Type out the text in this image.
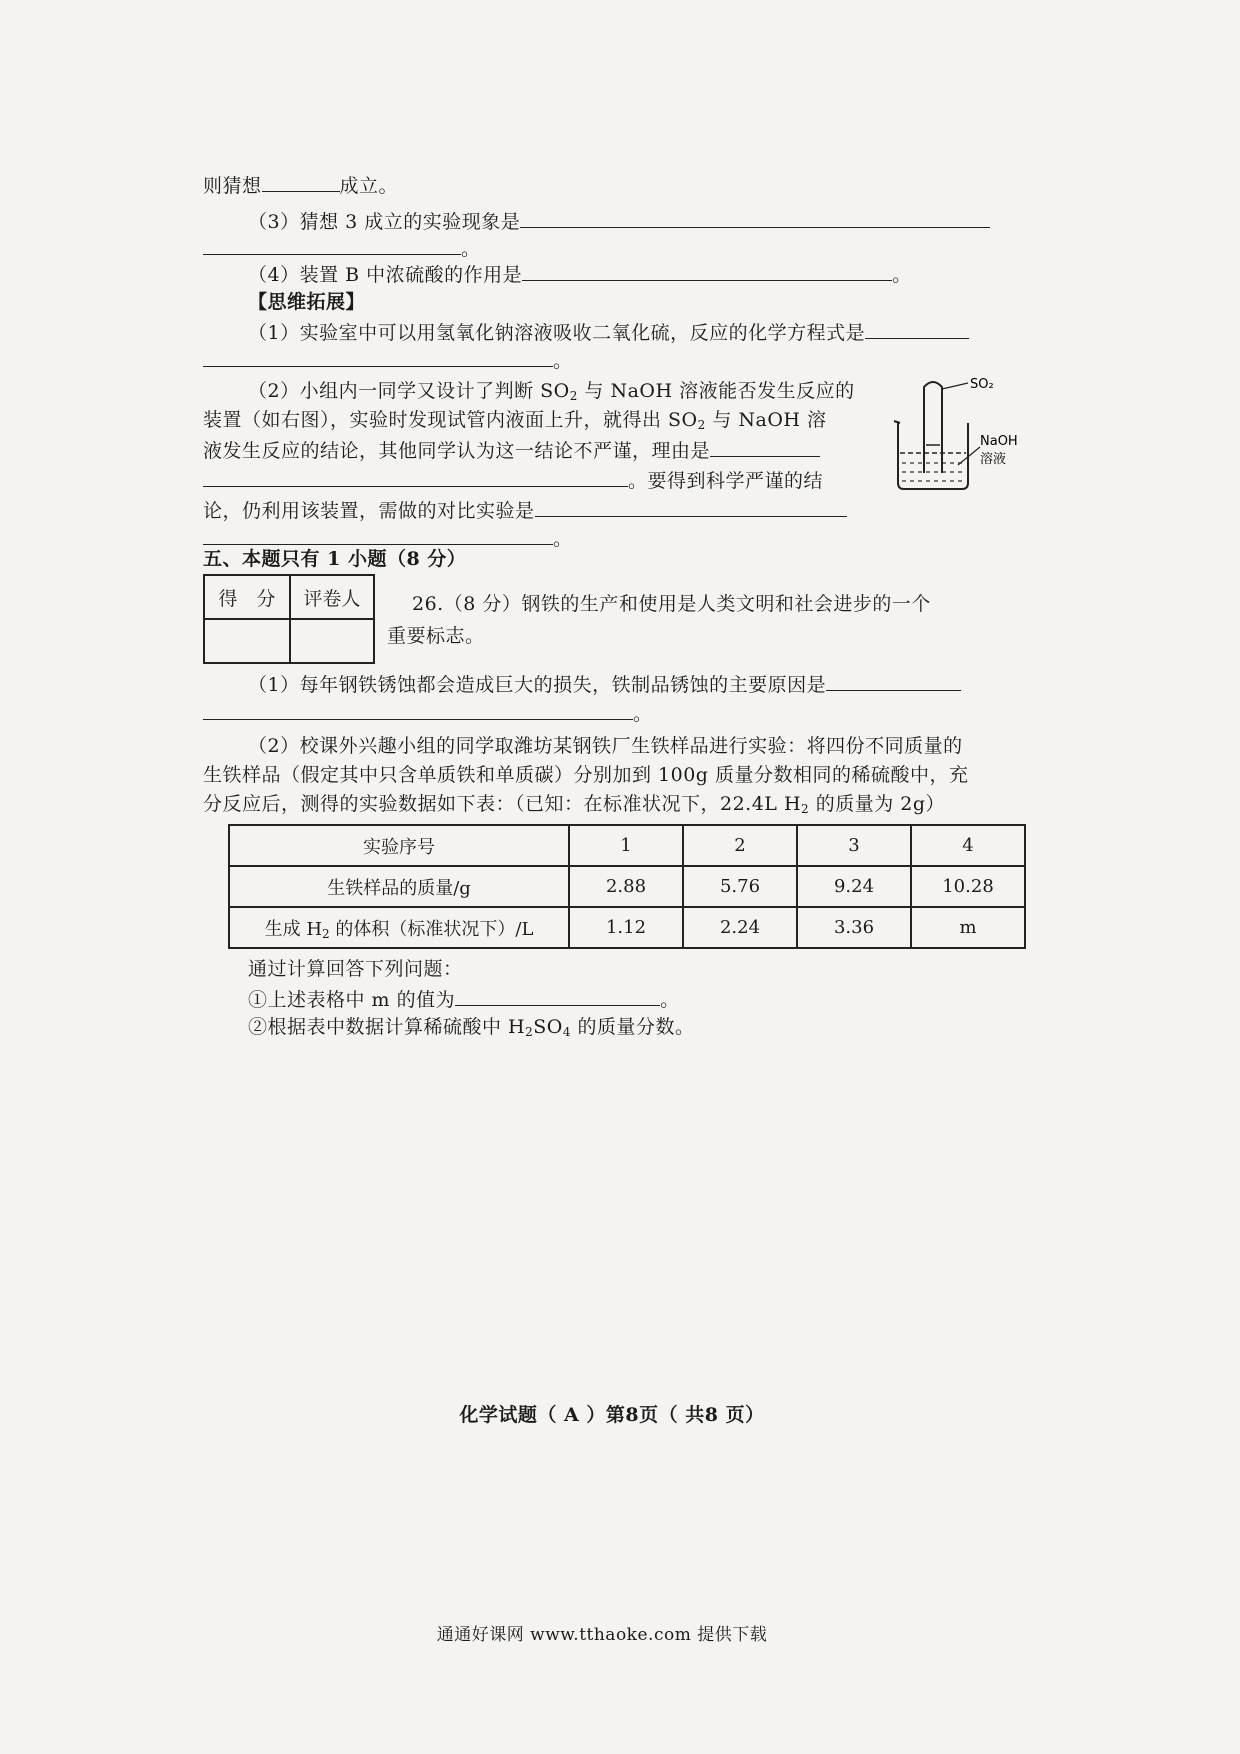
则猜想	成立。
（3）猜想 3 成立的实验现象是
。
（4）装置 B 中浓硫酸的作用是	。
【思维拓展】
（1）实验室中可以用氢氧化钠溶液吸收二氧化硫，反应的化学方程式是
。
（2）小组内一同学又设计了判断 $SO_2$ 与 NaOH 溶液能否发生反应的
装置（如右图），实验时发现试管内液面上升，就得出 $SO_2$ 与 NaOH 溶
液发生反应的结论，其他同学认为这一结论不严谨，理由是
。要得到科学严谨的结
论，仍利用该装置，需做的对比实验是
。
SO₂
NaOH
溶液
五、本题只有 1 小题（8 分）
得　分	评卷人
		26.（8 分）钢铁的生产和使用是人类文明和社会进步的一个
重要标志。
（1）每年钢铁锈蚀都会造成巨大的损失，铁制品锈蚀的主要原因是
。
（2）校课外兴趣小组的同学取潍坊某钢铁厂生铁样品进行实验：将四份不同质量的
生铁样品（假定其中只含单质铁和单质碳）分别加到 100g 质量分数相同的稀硫酸中，充
分反应后，测得的实验数据如下表：（已知：在标准状况下，22.4L $H_2$ 的质量为 2g）
实验序号	1	2	3	4
生铁样品的质量/g	2.88	5.76	9.24	10.28
生成 $H_2$ 的体积（标准状况下）/L	1.12	2.24	3.36	m
通过计算回答下列问题：
①上述表格中 m 的值为	。
②根据表中数据计算稀硫酸中 $H_2SO_4$ 的质量分数。
化学试题（ A ）第8页（ 共8 页）
通通好课网 www.tthaoke.com 提供下载
